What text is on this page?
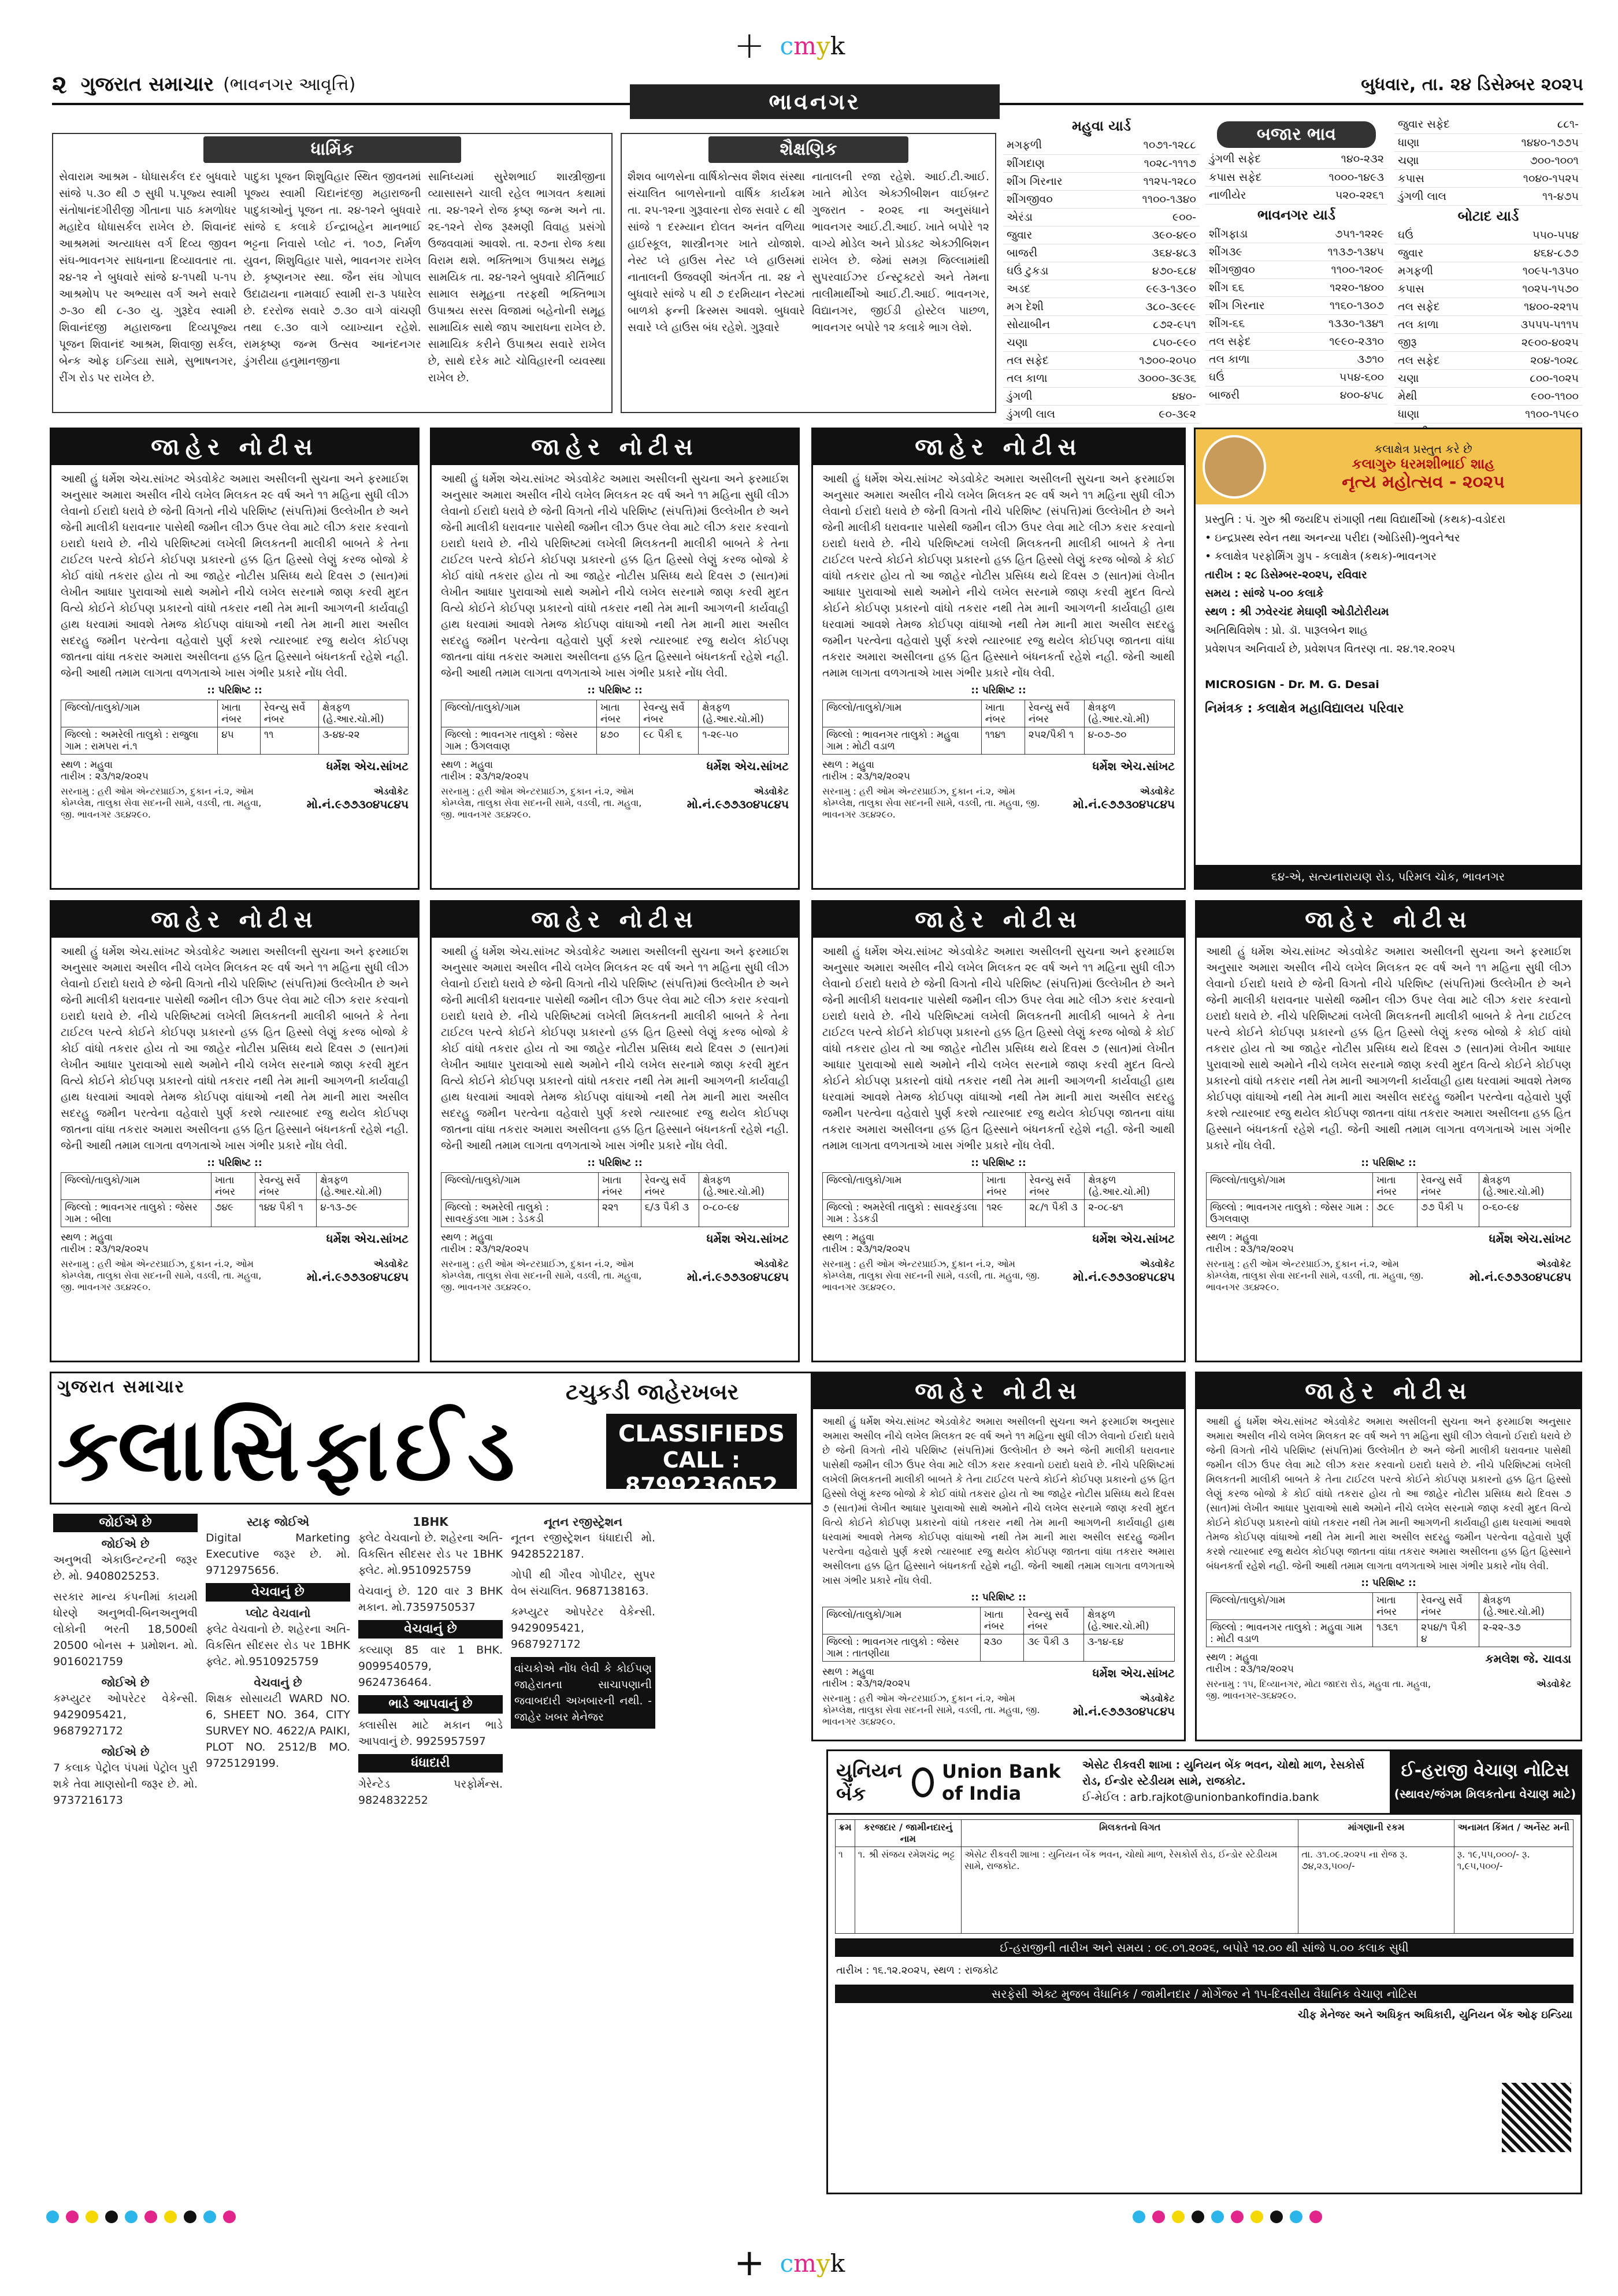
+ cmyk
૨ ગુજરાત સમાચાર (ભાવનગર આવૃત્તિ)	બુધવાર, તા. ૨૪ ડિસેમ્બર ૨૦૨૫
ભાવનગર
ધાર્મિક
સેવારામ આશ્રમ - ધોધાસર્કલ દર બુધવારે સાંજે ૫.૩૦ થી ૭ સુધી પ.પૂજ્ય સ્વામી સંતોષાનંદગીરીજી ગીતાના પાઠ કમળોધર મહાદેવ ધોધાસર્કલ રાખેલ છે. શિવાનંદ આશ્રમમાં અત્યાધસ વર્ગ દિવ્ય જીવન સંઘ-ભાવનગર સાધનાના દિવ્યાવતાર તા. ૨૪-૧૨ ને બુધવારે સાંજે ૪-૧૫થી ૫-૧૫ આશ્રમોપ પર અભ્યાસ વર્ગ અને સવારે ૭-૩૦ થી ૮-૩૦ યુ. ગુરૂદેવ સ્વામી શિવાનંદજી મહારાજના દિવ્યપૂજ્ય પૂજન શિવાનંદ આશ્રમ, શિવાજી સર્કલ, બેન્ક ઓફ ઇન્ડિયા સામે, સુભાષનગર, રીંગ રોડ પર રાખેલ છે.
પાદુકા પૂજન શિશુવિહાર સ્થિત જીવનમાં પૂજ્ય સ્વામી ચિદાનંદજી મહારાજની પાદુકાઓનું પૂજન તા. ૨૪-૧૨ને બુધવારે સાંજે ૬ કલાકે ઈન્દ્રાબહેન માનભાઈ ભટ્ટના નિવાસે પ્લોટ નં. ૧૦૭, નિર્મળ યુવન, શિશુવિહાર પાસે, ભાવનગર રાખેલ છે. કૃષ્ણનગર સ્થા. જૈન સંઘ ગોપાલ ઉદાઢાયના નામવાઈ સ્વામી રા-૩ પધારેલ છે. દરરોજ સવારે ૭.૩૦ વાગે વાંચણી તથા ૯.૩૦ વાગે વ્યાખ્યાન રહેશે. રામકૃષ્ણ જન્મ ઉત્સવ આનંદનગર ડુંગરીયા હનુમાનજીના
સાનિધ્યમાં સુરેશભાઈ શાસ્ત્રીજીના વ્યાસાસને ચાલી રહેલ ભાગવત કથામાં તા. ૨૪-૧૨ને રોજ કૃષ્ણ જન્મ અને તા. ૨૬-૧૨ને રોજ રૂક્ષ્મણી વિવાહ પ્રસંગો ઉજવવામાં આવશે. તા. ૨૭ના રોજ કથા વિરામ થશે. ભક્તિભાગ ઉપાશ્રય સમૂહ સામયિક તા. ૨૪-૧૨ને બુધવારે કીર્તિભાઈ સામાલ સમૂહના તરફથી ભક્તિભાગ ઉપાશ્રય સરસ વિજામાં બહેનોની સમૂહ સામાયિક સાથે જાપ આરાધના રાખેલ છે. સામાયિક કરીને ઉપાશ્રય સવારે રાખેલ છે, સાથે દરેક માટે ચોવિહારની વ્યવસ્થા રાખેલ છે.
શૈક્ષણિક
શૈશવ બાળસેના વાર્ષિકોત્સવ શૈશવ સંસ્થા સંચાલિત બાળસેનાનો વાર્ષિક કાર્યક્રમ તા. ૨૫-૧૨ના ગુરૂવારના રોજ સવારે ૮ થી સાંજે ૧ દરમ્યાન દોલત અનંત વળિયા હાઈસ્કૂલ, શાસ્ત્રીનગર ખાતે યોજાશે. નેસ્ટ પ્લે હાઉસ નેસ્ટ પ્લે હાઉસમાં નાતાલની ઉજવણી અંતર્ગત તા. ૨૪ ને બુધવારે સાંજે ૫ થી ૭ દરમિયાન નેસ્ટમાં બાળકો ફન્ની ક્રિસ્મસ આવશે. બુધવારે સવારે પ્લે હાઉસ બંધ રહેશે. ગુરૂવારે
નાતાલની રજા રહેશે. આઈ.ટી.આઈ. ખાતે મોડેલ એક્ઝીબીશન વાઈબ્રન્ટ ગુજરાત - ૨૦૨૬ ના અનુસંધાને ભાવનગર આઈ.ટી.આઈ. ખાતે બપોરે ૧૨ વાગ્યે મોડેલ અને પ્રોડક્ટ એક્ઝીબિશન રાખેલ છે. જેમાં સમગ્ર જિલ્લામાંથી સુપરવાઈઝર ઈન્સ્ટ્રક્ટરો અને તેમના તાલીમાર્થીઓ આઈ.ટી.આઈ. ભાવનગર, વિદ્યાનગર, જીઈડી હોસ્ટેલ પાછળ, ભાવનગર બપોરે ૧૨ કલાકે ભાગ લેશે.
મહુવા યાર્ડ
મગફળી	૧૦૭૧-૧૨૮૮
શીંગદાણ	૧૦૨૮-૧૧૧૭
શીંગ ગિરનાર	૧૧૨૫-૧૨૮૦
શીંગજીવ૦	૧૧૦૦-૧૩૪૦
એરંડા	૯૦૦-
જુવાર	૩૯૦-૪૯૦
બાજરી	૩૬૪-૪૮૩
ઘઉં ટુકડા	૪૭૦-૬૮૪
અડદ	૯૯૩-૧૩૯૦
મગ દેશી	૩૮૦-૩૯૯૯
સોયાબીન	૮૭૨-૯૫૧
ચણા	૮૫૦-૯૯૦
તલ સફેદ	૧૭૦૦-૨૦૫૦
તલ કાળા	૩૦૦૦-૩૯૩૬
ડુંગળી	૪૪૦-
ડુંગળી લાલ	૯૦-૩૯૨
બજાર ભાવ
ડુંગળી સફેદ	૧૪૦-૨૩૨
કપાસ સફેદ	૧૦૦૦-૧૪૯૩
નાળીયેર	૫૨૦-૨૨૬૧
ભાવનગર યાર્ડ
શીંગફાડા	૭૫૧-૧૨૨૯
શીંગ૩૯	૧૧૩૭-૧૩૪૫
શીંગજીવ૦	૧૧૦૦-૧૨૦૯
શીંગ ૬૬	૧૨૨૦-૧૪૦૦
શીંગ ગિરનાર	૧૧૬૦-૧૩૦૭
શીંગ-૬૬	૧૩૩૦-૧૩૪૧
તલ સફેદ	૧૯૯૦-૨૩૧૦
તલ કાળા	૩૭૧૦
ઘઉં	૫૫૪-૬૦૦
બાજરી	૪૦૦-૪૫૮
જુવાર સફેદ	૮૮૧-
ધાણા	૧૪૪૦-૧૭૭૫
ચણા	૭૦૦-૧૦૦૧
કપાસ	૧૦૪૦-૧૫૨૫
ડુંગળી લાલ	૧૧-૪૭૫
બોટાદ યાર્ડ
ઘઉં	૫૫૦-૫૫૪
જુવાર	૪૬૪-૮૭૭
મગફળી	૧૦૯૫-૧૩૫૦
કપાસ	૧૦૨૫-૧૫૭૦
તલ સફેદ	૧૪૦૦-૨૨૧૫
તલ કાળા	૩૫૫૫-૫૧૧૫
જીરૂ	૨૯૦૦-૪૦૨૫
તલ સફેદ	૨૦૪-૧૦૨૮
ચણા	૮૦૦-૧૦૨૫
મેથી	૯૦૦-૧૧૦૦
ધાણા	૧૧૦૦-૧૫૯૦

જાહેર નોટીસ
આથી હું ધર્મેશ એચ.સાંખટ એડવોકેટ અમારા અસીલની સુચના અને ફરમાઈશ અનુસાર અમારા અસીલ નીચે લખેલ મિલકત ૨૯ વર્ષ અને ૧૧ મહિના સુધી લીઝ લેવાનો ઈરાદો ધરાવે છે જેની વિગતો નીચે પરિશિષ્ટ (સંપત્તિ)માં ઉલ્લેખીત છે અને જેની માલીકી ધરાવનાર પાસેથી જમીન લીઝ ઉપર લેવા માટે લીઝ કરાર કરવાનો ઇરાદો ધરાવે છે. નીચે પરિશિષ્ટમાં લખેલી મિલકતની માલીકી બાબતે કે તેના ટાઈટલ પરત્વે કોઈને કોઈપણ પ્રકારનો હક્ક હિત હિસ્સો લેણું કરજ બોજો કે કોઈ વાંધો તકરાર હોય તો આ જાહેર નોટીસ પ્રસિધ્ધ થયે દિવસ ૭ (સાત)માં લેખીત આધાર પુરાવાઓ સાથે અમોને નીચે લખેલ સરનામે જાણ કરવી મુદત વિત્યે કોઈને કોઈપણ પ્રકારનો વાંધો તકરાર નથી તેમ માની આગળની કાર્યવાહી હાથ ધરવામાં આવશે તેમજ કોઈપણ વાંધાઓ નથી તેમ માની મારા અસીલ સદરહુ જમીન પરત્વેના વહેવારો પુર્ણ કરશે ત્યારબાદ રજુ થયેલ કોઈપણ જાતના વાંધા તકરાર અમારા અસીલના હક્ક હિત હિસ્સાને બંધનકર્તા રહેશે નહી. જેની આથી તમામ લાગતા વળગતાએ ખાસ ગંભીર પ્રકારે નોંધ લેવી.
:: પરિશિષ્ટ ::
જિલ્લો/તાલુકો/ગામ	ખાતા નંબર	રેવન્યુ સર્વે નંબર	ક્ષેત્રફળ (હે.આર.ચો.મી)
જિલ્લો : અમરેલી તાલુકો : રાજુલા ગામ : રામપરા નં.૧	૪૫	૧૧	૩-૪૪-૨૨
સ્થળ : મહુવા
તારીખ : ૨૩/૧૨/૨૦૨૫
ધર્મેશ એચ.સાંખટ
સરનામુ : હરી ઓમ એન્ટરપ્રાઈઝ, દુકાન નં.૨, ઓમ કોમ્પ્લેક્ષ, તાલુકા સેવા સદનની સામે, વડલી, તા. મહુવા, જી. ભાવનગર ૩૬૪૨૯૦.
એડવોકેટ
મો.નં.૯૭૭૩૦૪૫૮૪૫
જાહેર નોટીસ
આથી હું ધર્મેશ એચ.સાંખટ એડવોકેટ અમારા અસીલની સુચના અને ફરમાઈશ અનુસાર અમારા અસીલ નીચે લખેલ મિલકત ૨૯ વર્ષ અને ૧૧ મહિના સુધી લીઝ લેવાનો ઈરાદો ધરાવે છે જેની વિગતો નીચે પરિશિષ્ટ (સંપત્તિ)માં ઉલ્લેખીત છે અને જેની માલીકી ધરાવનાર પાસેથી જમીન લીઝ ઉપર લેવા માટે લીઝ કરાર કરવાનો ઇરાદો ધરાવે છે. નીચે પરિશિષ્ટમાં લખેલી મિલકતની માલીકી બાબતે કે તેના ટાઈટલ પરત્વે કોઈને કોઈપણ પ્રકારનો હક્ક હિત હિસ્સો લેણું કરજ બોજો કે કોઈ વાંધો તકરાર હોય તો આ જાહેર નોટીસ પ્રસિધ્ધ થયે દિવસ ૭ (સાત)માં લેખીત આધાર પુરાવાઓ સાથે અમોને નીચે લખેલ સરનામે જાણ કરવી મુદત વિત્યે કોઈને કોઈપણ પ્રકારનો વાંધો તકરાર નથી તેમ માની આગળની કાર્યવાહી હાથ ધરવામાં આવશે તેમજ કોઈપણ વાંધાઓ નથી તેમ માની મારા અસીલ સદરહુ જમીન પરત્વેના વહેવારો પુર્ણ કરશે ત્યારબાદ રજુ થયેલ કોઈપણ જાતના વાંધા તકરાર અમારા અસીલના હક્ક હિત હિસ્સાને બંધનકર્તા રહેશે નહી. જેની આથી તમામ લાગતા વળગતાએ ખાસ ગંભીર પ્રકારે નોંધ લેવી.
:: પરિશિષ્ટ ::
જિલ્લો/તાલુકો/ગામ	ખાતા નંબર	રેવન્યુ સર્વે નંબર	ક્ષેત્રફળ (હે.આર.ચો.મી)
જિલ્લો : ભાવનગર તાલુકો : જેસર ગામ : ઉગલવાણ	૪૭૦	૯૮ પૈકી ૬	૧-૨૯-૫૦
સ્થળ : મહુવા
તારીખ : ૨૩/૧૨/૨૦૨૫
ધર્મેશ એચ.સાંખટ
સરનામુ : હરી ઓમ એન્ટરપ્રાઈઝ, દુકાન નં.૨, ઓમ કોમ્પ્લેક્ષ, તાલુકા સેવા સદનની સામે, વડલી, તા. મહુવા, જી. ભાવનગર ૩૬૪૨૯૦.
એડવોકેટ
મો.નં.૯૭૭૩૦૪૫૮૪૫
જાહેર નોટીસ
આથી હું ધર્મેશ એચ.સાંખટ એડવોકેટ અમારા અસીલની સુચના અને ફરમાઈશ અનુસાર અમારા અસીલ નીચે લખેલ મિલકત ૨૯ વર્ષ અને ૧૧ મહિના સુધી લીઝ લેવાનો ઈરાદો ધરાવે છે જેની વિગતો નીચે પરિશિષ્ટ (સંપત્તિ)માં ઉલ્લેખીત છે અને જેની માલીકી ધરાવનાર પાસેથી જમીન લીઝ ઉપર લેવા માટે લીઝ કરાર કરવાનો ઇરાદો ધરાવે છે. નીચે પરિશિષ્ટમાં લખેલી મિલકતની માલીકી બાબતે કે તેના ટાઈટલ પરત્વે કોઈને કોઈપણ પ્રકારનો હક્ક હિત હિસ્સો લેણું કરજ બોજો કે કોઈ વાંધો તકરાર હોય તો આ જાહેર નોટીસ પ્રસિધ્ધ થયે દિવસ ૭ (સાત)માં લેખીત આધાર પુરાવાઓ સાથે અમોને નીચે લખેલ સરનામે જાણ કરવી મુદત વિત્યે કોઈને કોઈપણ પ્રકારનો વાંધો તકરાર નથી તેમ માની આગળની કાર્યવાહી હાથ ધરવામાં આવશે તેમજ કોઈપણ વાંધાઓ નથી તેમ માની મારા અસીલ સદરહુ જમીન પરત્વેના વહેવારો પુર્ણ કરશે ત્યારબાદ રજુ થયેલ કોઈપણ જાતના વાંધા તકરાર અમારા અસીલના હક્ક હિત હિસ્સાને બંધનકર્તા રહેશે નહી. જેની આથી તમામ લાગતા વળગતાએ ખાસ ગંભીર પ્રકારે નોંધ લેવી.
:: પરિશિષ્ટ ::
જિલ્લો/તાલુકો/ગામ	ખાતા નંબર	રેવન્યુ સર્વે નંબર	ક્ષેત્રફળ (હે.આર.ચો.મી)
જિલ્લો : ભાવનગર તાલુકો : મહુવા ગામ : મોટી વડાળ	૧૧૪૧	૨૫૨/પૈકી ૧	૪-૦૭-૭૦
સ્થળ : મહુવા
તારીખ : ૨૩/૧૨/૨૦૨૫
ધર્મેશ એચ.સાંખટ
સરનામુ : હરી ઓમ એન્ટરપ્રાઈઝ, દુકાન નં.૨, ઓમ કોમ્પ્લેક્ષ, તાલુકા સેવા સદનની સામે, વડલી, તા. મહુવા, જી. ભાવનગર ૩૬૪૨૯૦.
એડવોકેટ
મો.નં.૯૭૭૩૦૪૫૮૪૫
જાહેર નોટીસ
આથી હું ધર્મેશ એચ.સાંખટ એડવોકેટ અમારા અસીલની સુચના અને ફરમાઈશ અનુસાર અમારા અસીલ નીચે લખેલ મિલકત ૨૯ વર્ષ અને ૧૧ મહિના સુધી લીઝ લેવાનો ઈરાદો ધરાવે છે જેની વિગતો નીચે પરિશિષ્ટ (સંપત્તિ)માં ઉલ્લેખીત છે અને જેની માલીકી ધરાવનાર પાસેથી જમીન લીઝ ઉપર લેવા માટે લીઝ કરાર કરવાનો ઇરાદો ધરાવે છે. નીચે પરિશિષ્ટમાં લખેલી મિલકતની માલીકી બાબતે કે તેના ટાઈટલ પરત્વે કોઈને કોઈપણ પ્રકારનો હક્ક હિત હિસ્સો લેણું કરજ બોજો કે કોઈ વાંધો તકરાર હોય તો આ જાહેર નોટીસ પ્રસિધ્ધ થયે દિવસ ૭ (સાત)માં લેખીત આધાર પુરાવાઓ સાથે અમોને નીચે લખેલ સરનામે જાણ કરવી મુદત વિત્યે કોઈને કોઈપણ પ્રકારનો વાંધો તકરાર નથી તેમ માની આગળની કાર્યવાહી હાથ ધરવામાં આવશે તેમજ કોઈપણ વાંધાઓ નથી તેમ માની મારા અસીલ સદરહુ જમીન પરત્વેના વહેવારો પુર્ણ કરશે ત્યારબાદ રજુ થયેલ કોઈપણ જાતના વાંધા તકરાર અમારા અસીલના હક્ક હિત હિસ્સાને બંધનકર્તા રહેશે નહી. જેની આથી તમામ લાગતા વળગતાએ ખાસ ગંભીર પ્રકારે નોંધ લેવી.
:: પરિશિષ્ટ ::
જિલ્લો/તાલુકો/ગામ	ખાતા નંબર	રેવન્યુ સર્વે નંબર	ક્ષેત્રફળ (હે.આર.ચો.મી)
જિલ્લો : ભાવનગર તાલુકો : જેસર ગામ : બીલા	૭૪૯	૧૪૪ પૈકી ૧	૪-૧૩-૭૯
સ્થળ : મહુવા
તારીખ : ૨૩/૧૨/૨૦૨૫
ધર્મેશ એચ.સાંખટ
સરનામુ : હરી ઓમ એન્ટરપ્રાઈઝ, દુકાન નં.૨, ઓમ કોમ્પ્લેક્ષ, તાલુકા સેવા સદનની સામે, વડલી, તા. મહુવા, જી. ભાવનગર ૩૬૪૨૯૦.
એડવોકેટ
મો.નં.૯૭૭૩૦૪૫૮૪૫
જાહેર નોટીસ
આથી હું ધર્મેશ એચ.સાંખટ એડવોકેટ અમારા અસીલની સુચના અને ફરમાઈશ અનુસાર અમારા અસીલ નીચે લખેલ મિલકત ૨૯ વર્ષ અને ૧૧ મહિના સુધી લીઝ લેવાનો ઈરાદો ધરાવે છે જેની વિગતો નીચે પરિશિષ્ટ (સંપત્તિ)માં ઉલ્લેખીત છે અને જેની માલીકી ધરાવનાર પાસેથી જમીન લીઝ ઉપર લેવા માટે લીઝ કરાર કરવાનો ઇરાદો ધરાવે છે. નીચે પરિશિષ્ટમાં લખેલી મિલકતની માલીકી બાબતે કે તેના ટાઈટલ પરત્વે કોઈને કોઈપણ પ્રકારનો હક્ક હિત હિસ્સો લેણું કરજ બોજો કે કોઈ વાંધો તકરાર હોય તો આ જાહેર નોટીસ પ્રસિધ્ધ થયે દિવસ ૭ (સાત)માં લેખીત આધાર પુરાવાઓ સાથે અમોને નીચે લખેલ સરનામે જાણ કરવી મુદત વિત્યે કોઈને કોઈપણ પ્રકારનો વાંધો તકરાર નથી તેમ માની આગળની કાર્યવાહી હાથ ધરવામાં આવશે તેમજ કોઈપણ વાંધાઓ નથી તેમ માની મારા અસીલ સદરહુ જમીન પરત્વેના વહેવારો પુર્ણ કરશે ત્યારબાદ રજુ થયેલ કોઈપણ જાતના વાંધા તકરાર અમારા અસીલના હક્ક હિત હિસ્સાને બંધનકર્તા રહેશે નહી. જેની આથી તમામ લાગતા વળગતાએ ખાસ ગંભીર પ્રકારે નોંધ લેવી.
:: પરિશિષ્ટ ::
જિલ્લો/તાલુકો/ગામ	ખાતા નંબર	રેવન્યુ સર્વે નંબર	ક્ષેત્રફળ (હે.આર.ચો.મી)
જિલ્લો : અમરેલી તાલુકો : સાવરકુંડલા ગામ : ડેડકડી	૨૨૧	૬/૩ પૈકી ૩	૦-૮૦-૯૪
સ્થળ : મહુવા
તારીખ : ૨૩/૧૨/૨૦૨૫
ધર્મેશ એચ.સાંખટ
સરનામુ : હરી ઓમ એન્ટરપ્રાઈઝ, દુકાન નં.૨, ઓમ કોમ્પ્લેક્ષ, તાલુકા સેવા સદનની સામે, વડલી, તા. મહુવા, જી. ભાવનગર ૩૬૪૨૯૦.
એડવોકેટ
મો.નં.૯૭૭૩૦૪૫૮૪૫
જાહેર નોટીસ
આથી હું ધર્મેશ એચ.સાંખટ એડવોકેટ અમારા અસીલની સુચના અને ફરમાઈશ અનુસાર અમારા અસીલ નીચે લખેલ મિલકત ૨૯ વર્ષ અને ૧૧ મહિના સુધી લીઝ લેવાનો ઈરાદો ધરાવે છે જેની વિગતો નીચે પરિશિષ્ટ (સંપત્તિ)માં ઉલ્લેખીત છે અને જેની માલીકી ધરાવનાર પાસેથી જમીન લીઝ ઉપર લેવા માટે લીઝ કરાર કરવાનો ઇરાદો ધરાવે છે. નીચે પરિશિષ્ટમાં લખેલી મિલકતની માલીકી બાબતે કે તેના ટાઈટલ પરત્વે કોઈને કોઈપણ પ્રકારનો હક્ક હિત હિસ્સો લેણું કરજ બોજો કે કોઈ વાંધો તકરાર હોય તો આ જાહેર નોટીસ પ્રસિધ્ધ થયે દિવસ ૭ (સાત)માં લેખીત આધાર પુરાવાઓ સાથે અમોને નીચે લખેલ સરનામે જાણ કરવી મુદત વિત્યે કોઈને કોઈપણ પ્રકારનો વાંધો તકરાર નથી તેમ માની આગળની કાર્યવાહી હાથ ધરવામાં આવશે તેમજ કોઈપણ વાંધાઓ નથી તેમ માની મારા અસીલ સદરહુ જમીન પરત્વેના વહેવારો પુર્ણ કરશે ત્યારબાદ રજુ થયેલ કોઈપણ જાતના વાંધા તકરાર અમારા અસીલના હક્ક હિત હિસ્સાને બંધનકર્તા રહેશે નહી. જેની આથી તમામ લાગતા વળગતાએ ખાસ ગંભીર પ્રકારે નોંધ લેવી.
:: પરિશિષ્ટ ::
જિલ્લો/તાલુકો/ગામ	ખાતા નંબર	રેવન્યુ સર્વે નંબર	ક્ષેત્રફળ (હે.આર.ચો.મી)
જિલ્લો : અમરેલી તાલુકો : સાવરકુંડલા ગામ : ડેડકડી	૧૨૯	૨૮/૧ પૈકી ૩	૨-૦૮-૪૧
સ્થળ : મહુવા
તારીખ : ૨૩/૧૨/૨૦૨૫
ધર્મેશ એચ.સાંખટ
સરનામુ : હરી ઓમ એન્ટરપ્રાઈઝ, દુકાન નં.૨, ઓમ કોમ્પ્લેક્ષ, તાલુકા સેવા સદનની સામે, વડલી, તા. મહુવા, જી. ભાવનગર ૩૬૪૨૯૦.
એડવોકેટ
મો.નં.૯૭૭૩૦૪૫૮૪૫
જાહેર નોટીસ
આથી હું ધર્મેશ એચ.સાંખટ એડવોકેટ અમારા અસીલની સુચના અને ફરમાઈશ અનુસાર અમારા અસીલ નીચે લખેલ મિલકત ૨૯ વર્ષ અને ૧૧ મહિના સુધી લીઝ લેવાનો ઈરાદો ધરાવે છે જેની વિગતો નીચે પરિશિષ્ટ (સંપત્તિ)માં ઉલ્લેખીત છે અને જેની માલીકી ધરાવનાર પાસેથી જમીન લીઝ ઉપર લેવા માટે લીઝ કરાર કરવાનો ઇરાદો ધરાવે છે. નીચે પરિશિષ્ટમાં લખેલી મિલકતની માલીકી બાબતે કે તેના ટાઈટલ પરત્વે કોઈને કોઈપણ પ્રકારનો હક્ક હિત હિસ્સો લેણું કરજ બોજો કે કોઈ વાંધો તકરાર હોય તો આ જાહેર નોટીસ પ્રસિધ્ધ થયે દિવસ ૭ (સાત)માં લેખીત આધાર પુરાવાઓ સાથે અમોને નીચે લખેલ સરનામે જાણ કરવી મુદત વિત્યે કોઈને કોઈપણ પ્રકારનો વાંધો તકરાર નથી તેમ માની આગળની કાર્યવાહી હાથ ધરવામાં આવશે તેમજ કોઈપણ વાંધાઓ નથી તેમ માની મારા અસીલ સદરહુ જમીન પરત્વેના વહેવારો પુર્ણ કરશે ત્યારબાદ રજુ થયેલ કોઈપણ જાતના વાંધા તકરાર અમારા અસીલના હક્ક હિત હિસ્સાને બંધનકર્તા રહેશે નહી. જેની આથી તમામ લાગતા વળગતાએ ખાસ ગંભીર પ્રકારે નોંધ લેવી.
:: પરિશિષ્ટ ::
જિલ્લો/તાલુકો/ગામ	ખાતા નંબર	રેવન્યુ સર્વે નંબર	ક્ષેત્રફળ (હે.આર.ચો.મી)
જિલ્લો : ભાવનગર તાલુકો : જેસર ગામ : ઉગલવાણ	૭૮૯	૭૭ પૈકી ૫	૦-૬૦-૯૪
સ્થળ : મહુવા
તારીખ : ૨૩/૧૨/૨૦૨૫
ધર્મેશ એચ.સાંખટ
સરનામુ : હરી ઓમ એન્ટરપ્રાઈઝ, દુકાન નં.૨, ઓમ કોમ્પ્લેક્ષ, તાલુકા સેવા સદનની સામે, વડલી, તા. મહુવા, જી. ભાવનગર ૩૬૪૨૯૦.
એડવોકેટ
મો.નં.૯૭૭૩૦૪૫૮૪૫
જાહેર નોટીસ
આથી હું ધર્મેશ એચ.સાંખટ એડવોકેટ અમારા અસીલની સુચના અને ફરમાઈશ અનુસાર અમારા અસીલ નીચે લખેલ મિલકત ૨૯ વર્ષ અને ૧૧ મહિના સુધી લીઝ લેવાનો ઈરાદો ધરાવે છે જેની વિગતો નીચે પરિશિષ્ટ (સંપત્તિ)માં ઉલ્લેખીત છે અને જેની માલીકી ધરાવનાર પાસેથી જમીન લીઝ ઉપર લેવા માટે લીઝ કરાર કરવાનો ઇરાદો ધરાવે છે. નીચે પરિશિષ્ટમાં લખેલી મિલકતની માલીકી બાબતે કે તેના ટાઈટલ પરત્વે કોઈને કોઈપણ પ્રકારનો હક્ક હિત હિસ્સો લેણું કરજ બોજો કે કોઈ વાંધો તકરાર હોય તો આ જાહેર નોટીસ પ્રસિધ્ધ થયે દિવસ ૭ (સાત)માં લેખીત આધાર પુરાવાઓ સાથે અમોને નીચે લખેલ સરનામે જાણ કરવી મુદત વિત્યે કોઈને કોઈપણ પ્રકારનો વાંધો તકરાર નથી તેમ માની આગળની કાર્યવાહી હાથ ધરવામાં આવશે તેમજ કોઈપણ વાંધાઓ નથી તેમ માની મારા અસીલ સદરહુ જમીન પરત્વેના વહેવારો પુર્ણ કરશે ત્યારબાદ રજુ થયેલ કોઈપણ જાતના વાંધા તકરાર અમારા અસીલના હક્ક હિત હિસ્સાને બંધનકર્તા રહેશે નહી. જેની આથી તમામ લાગતા વળગતાએ ખાસ ગંભીર પ્રકારે નોંધ લેવી.
:: પરિશિષ્ટ ::
જિલ્લો/તાલુકો/ગામ	ખાતા નંબર	રેવન્યુ સર્વે નંબર	ક્ષેત્રફળ (હે.આર.ચો.મી)
જિલ્લો : ભાવનગર તાલુકો : જેસર ગામ : તાતણીયા	૨૩૦	૩૯ પૈકી ૩	૩-૧૪-૬૪
સ્થળ : મહુવા
તારીખ : ૨૩/૧૨/૨૦૨૫
ધર્મેશ એચ.સાંખટ
સરનામુ : હરી ઓમ એન્ટરપ્રાઈઝ, દુકાન નં.૨, ઓમ કોમ્પ્લેક્ષ, તાલુકા સેવા સદનની સામે, વડલી, તા. મહુવા, જી. ભાવનગર ૩૬૪૨૯૦.
એડવોકેટ
મો.નં.૯૭૭૩૦૪૫૮૪૫
જાહેર નોટીસ
આથી હું ધર્મેશ એચ.સાંખટ એડવોકેટ અમારા અસીલની સુચના અને ફરમાઈશ અનુસાર અમારા અસીલ નીચે લખેલ મિલકત ૨૯ વર્ષ અને ૧૧ મહિના સુધી લીઝ લેવાનો ઈરાદો ધરાવે છે જેની વિગતો નીચે પરિશિષ્ટ (સંપત્તિ)માં ઉલ્લેખીત છે અને જેની માલીકી ધરાવનાર પાસેથી જમીન લીઝ ઉપર લેવા માટે લીઝ કરાર કરવાનો ઇરાદો ધરાવે છે. નીચે પરિશિષ્ટમાં લખેલી મિલકતની માલીકી બાબતે કે તેના ટાઈટલ પરત્વે કોઈને કોઈપણ પ્રકારનો હક્ક હિત હિસ્સો લેણું કરજ બોજો કે કોઈ વાંધો તકરાર હોય તો આ જાહેર નોટીસ પ્રસિધ્ધ થયે દિવસ ૭ (સાત)માં લેખીત આધાર પુરાવાઓ સાથે અમોને નીચે લખેલ સરનામે જાણ કરવી મુદત વિત્યે કોઈને કોઈપણ પ્રકારનો વાંધો તકરાર નથી તેમ માની આગળની કાર્યવાહી હાથ ધરવામાં આવશે તેમજ કોઈપણ વાંધાઓ નથી તેમ માની મારા અસીલ સદરહુ જમીન પરત્વેના વહેવારો પુર્ણ કરશે ત્યારબાદ રજુ થયેલ કોઈપણ જાતના વાંધા તકરાર અમારા અસીલના હક્ક હિત હિસ્સાને બંધનકર્તા રહેશે નહી. જેની આથી તમામ લાગતા વળગતાએ ખાસ ગંભીર પ્રકારે નોંધ લેવી.
:: પરિશિષ્ટ ::
જિલ્લો/તાલુકો/ગામ	ખાતા નંબર	રેવન્યુ સર્વે નંબર	ક્ષેત્રફળ (હે.આર.ચો.મી)
જિલ્લો : ભાવનગર તાલુકો : મહુવા ગામ : મોટી વડાળ	૧૩૬૧	૨૫૪/૧ પૈકી ૪	૨-૨૨-૩૭
સ્થળ : મહુવા
તારીખ : ૨૩/૧૨/૨૦૨૫
કમલેશ જે. ચાવડા
સરનામુ : ૧૫, દિવ્યાનગર, મોટા જાદરા રોડ, મહુવા તા. મહુવા, જી. ભાવનગર-૩૬૪૨૯૦.
એડવોકેટ
કલાક્ષેત્ર પ્રસ્તુત કરે છે
કલાગુરુ ધરમશીભાઈ શાહ
નૃત્ય મહોત્સવ - ૨૦૨૫
પ્રસ્તુતિ : પં. ગુરુ શ્રી જયદિપ રાંગાણી તથા વિદ્યાર્થીઓ (કથક)-વડોદરા
• ઇન્દ્રપ્રસ્થ સ્વેન તથા અનન્યા પરીદા (ઓડિસી)-ભુવનેશ્વર
• કલાક્ષેત્ર પરફોર્મિંગ ગ્રુપ - કલાક્ષેત્ર (કથક)-ભાવનગર
તારીખ : ૨૮ ડિસેમ્બર-૨૦૨૫, રવિવાર
સમય : સાંજે ૫-૦૦ કલાકે
સ્થળ : શ્રી ઝવેરચંદ મેઘાણી ઓડીટોરીયમ
અતિથિવિશેષ : પ્રો. ડૉ. પારૂલબેન શાહ
પ્રવેશપત્ર અનિવાર્ય છે, પ્રવેશપત્ર વિતરણ તા. ૨૪.૧૨.૨૦૨૫
MICROSIGN - Dr. M. G. Desai
નિમંત્રક : કલાક્ષેત્ર મહાવિદ્યાલય પરિવાર
૬૪-એ, સત્યનારાયણ રોડ, પરિમલ ચોક, ભાવનગર
ગુજરાત સમાચાર
ક્લાસિફાઈડ
ટચુકડી જાહેરખબર
CLASSIFIEDS
CALL : 8799236052
જોઈએ છે
જોઈએ છે
અનુભવી એકાઉન્ટન્ટની જરૂર છે. મો. 9408025253.
સરકાર માન્ય કંપનીમાં કાયમી ધોરણે અનુભવી-બિનઅનુભવી લોકોની ભરતી 18,500થી 20500 બોનસ + પ્રમોશન. મો. 9016021759
જોઈએ છે
કમ્પ્યુટર ઓપરેટર વેકેન્સી. 9429095421, 9687927172
જોઈએ છે
7 કલાક પેટ્રોલ પંપમાં પેટ્રોલ પુરી શકે તેવા માણસોની જરૂર છે. મો. 9737216173
સ્ટાફ જોઈએ
Digital Marketing Executive જરૂર છે. મો. 9712975656.
વેચવાનું છે
પ્લોટ વેચવાનો
ફ્લેટ વેચવાનો છે. શહેરના અતિ-વિકસિત સીદસર રોડ પર 1BHK ફ્લેટ. મો.9510925759
વેચવાનું છે
શિક્ષક સોસાયટી WARD NO. 6, SHEET NO. 364, CITY SURVEY NO. 4622/A PAIKI, PLOT NO. 2512/B MO. 9725129199.
1BHK
ફ્લેટ વેચવાનો છે. શહેરના અતિ-વિકસિત સીદસર રોડ પર 1BHK ફ્લેટ. મો.9510925759
વેચવાનું છે. 120 વાર 3 BHK મકાન. મો.7359750537
વેચવાનું છે
કલ્યાણ 85 વાર 1 BHK. 9099540579, 9624736464.
ભાડે આપવાનું છે
ક્લાસીસ માટે મકાન ભાડે આપવાનું છે. 9925957597
ધંધાદારી
ગેરેન્ટેડ પરફોર્મન્સ. 9824832252
નૂતન રજીસ્ટ્રેશન
નૂતન રજીસ્ટ્રેશન ધંધાદારી મો. 9428522187.
ગોપી થી ગૌરવ ગોપીટર, સુપર વેબ સંચાલિત. 9687138163.
કમ્પ્યુટર ઓપરેટર વેકેન્સી. 9429095421, 9687927172
વાંચકોએ નોંધ લેવી કે કોઈપણ જાહેરાતના સાચાપણાની જવાબદારી અખબારની નથી. - જાહેર ખબર મેનેજર
યુનિયન બેંક
Union Bank of India
એસેટ રીકવરી શાખા : યુનિયન બેંક ભવન, ચોથો માળ, રેસકોર્સ રોડ, ઈન્ડોર સ્ટેડીયમ સામે, રાજકોટ.
ઈ-મેઈલ : arb.rajkot@unionbankofindia.bank
ઈ-હરાજી વેચાણ નોટિસ
(સ્થાવર/જંગમ મિલકતોના વેચાણ માટે)
ક્રમ	કરજદાર / જામીનદારનું નામ	મિલકતનો વિગત	માંગણાની રકમ	અનામત કિંમત / અર્નેસ્ટ મની
૧	૧. શ્રી સંજય રમેશચંદ્ર ભટ્ટ	એસેટ રીકવરી શાખા : યુનિયન બેંક ભવન, ચોથો માળ, રેસકોર્સ રોડ, ઈન્ડોર સ્ટેડીયમ સામે, રાજકોટ.	તા. ૩૧.૦૯.૨૦૨૫ ના રોજ રૂ. ૭૪,૨૩,૫૦૦/-	રૂ. ૧૯,૫૫,૦૦૦/- રૂ. ૧,૯૫,૫૦૦/-
ઈ-હરાજીની તારીખ અને સમય : ૦૯.૦૧.૨૦૨૬, બપોરે ૧૨.૦૦ થી સાંજે ૫.૦૦ કલાક સુધી
તારીખ : ૧૬.૧૨.૨૦૨૫, સ્થળ : રાજકોટ
સરફેસી એક્ટ મુજબ વૈધાનિક / જામીનદાર / મોર્ગેજર ને ૧૫-દિવસીય વૈધાનિક વેચાણ નોટિસ
ચીફ મેનેજર અને અધિકૃત અધિકારી, યુનિયન બેંક ઓફ ઇન્ડિયા
+ cmyk
